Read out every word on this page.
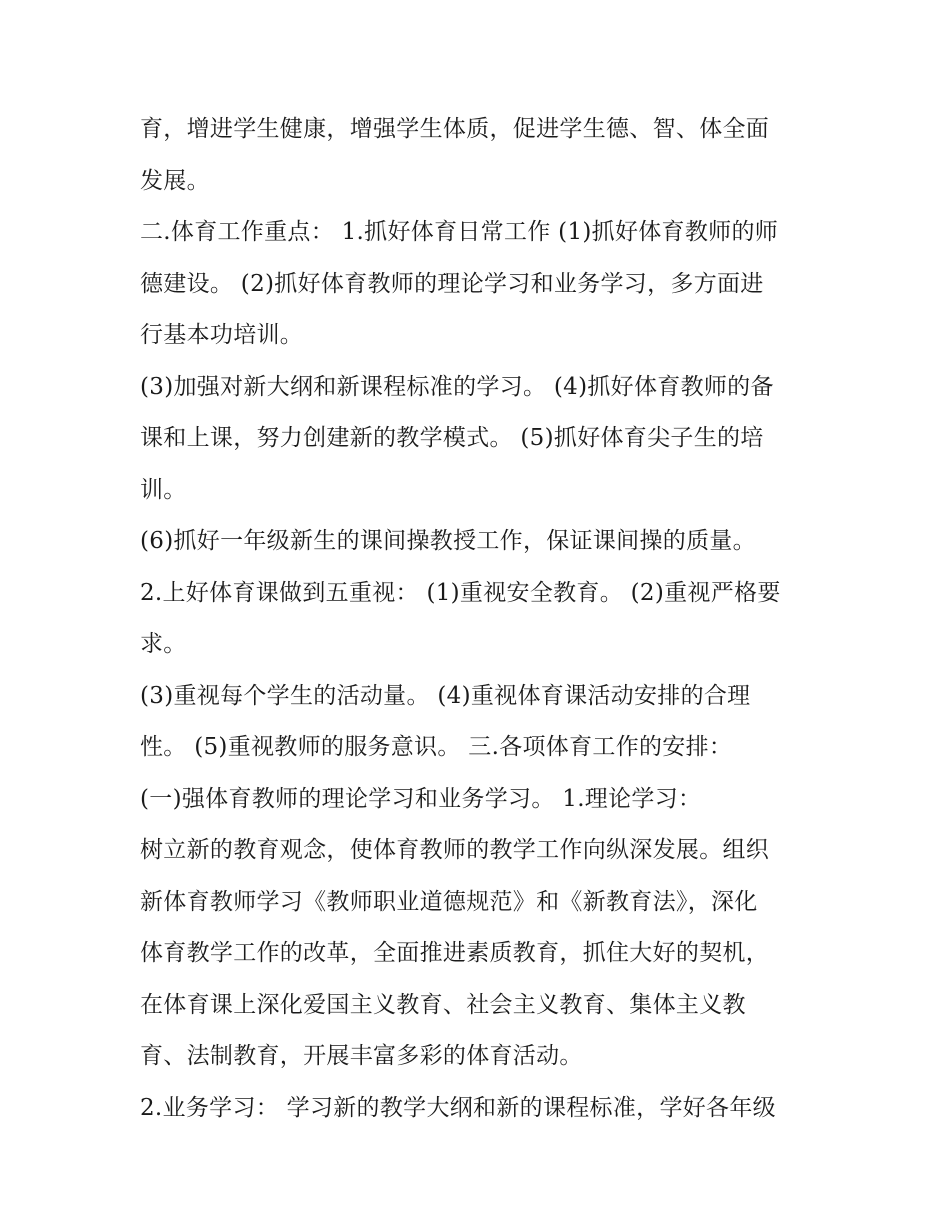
育，增进学生健康，增强学生体质，促进学生德、智、体全面
发展。
二.体育工作重点： 1.抓好体育日常工作 (1)抓好体育教师的师
德建设。 (2)抓好体育教师的理论学习和业务学习，多方面进
行基本功培训。
(3)加强对新大纲和新课程标准的学习。 (4)抓好体育教师的备
课和上课，努力创建新的教学模式。 (5)抓好体育尖子生的培
训。
(6)抓好一年级新生的课间操教授工作，保证课间操的质量。
2.上好体育课做到五重视： (1)重视安全教育。 (2)重视严格要
求。
(3)重视每个学生的活动量。 (4)重视体育课活动安排的合理
性。 (5)重视教师的服务意识。 三.各项体育工作的安排：
(一)强体育教师的理论学习和业务学习。 1.理论学习：
树立新的教育观念，使体育教师的教学工作向纵深发展。组织
新体育教师学习《教师职业道德规范》和《新教育法》，深化
体育教学工作的改革，全面推进素质教育，抓住大好的契机，
在体育课上深化爱国主义教育、社会主义教育、集体主义教
育、法制教育，开展丰富多彩的体育活动。
2.业务学习： 学习新的教学大纲和新的课程标准，学好各年级
